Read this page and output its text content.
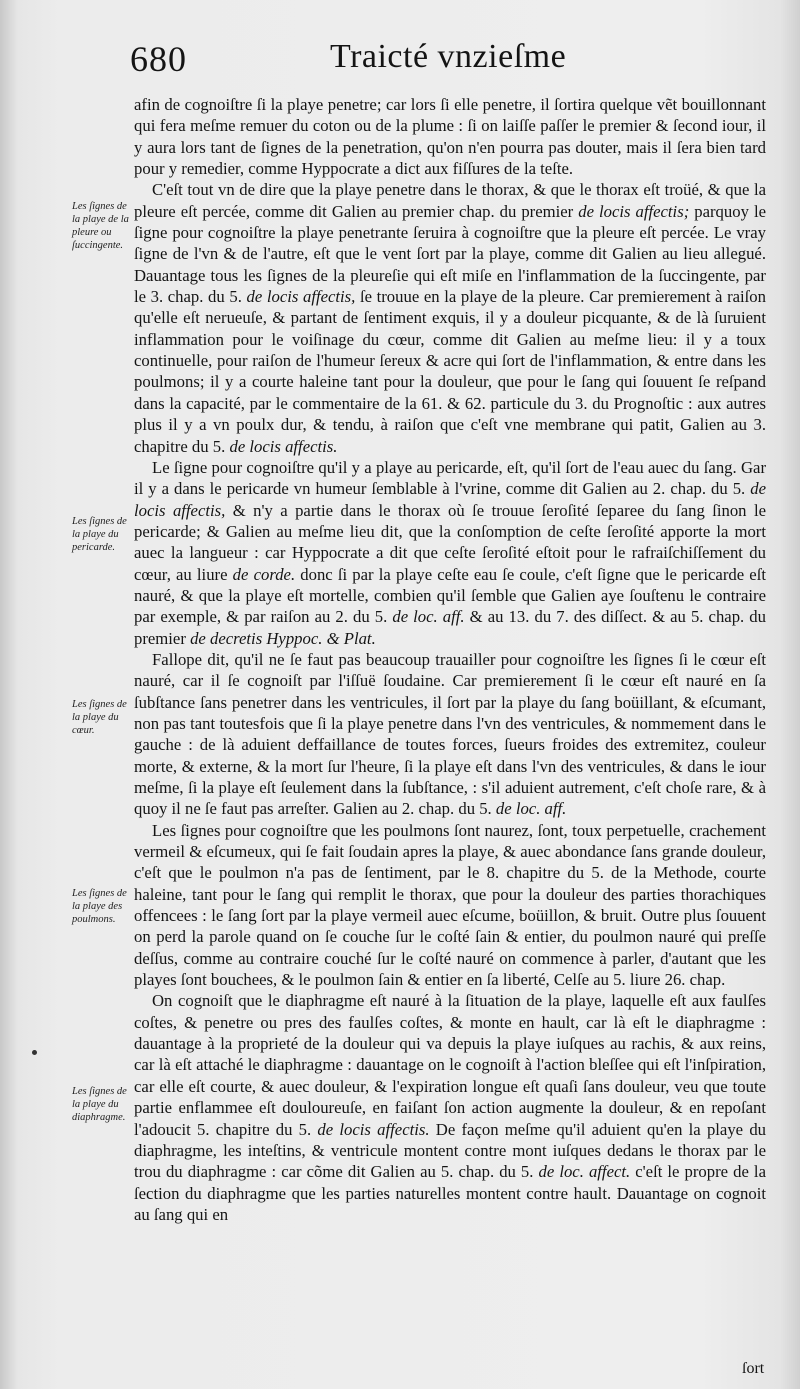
680	Traicté vnzieſme
Les ſignes de la playe de la pleure ou ſuccingente.
Les ſignes de la playe du pericarde.
Les ſignes de la playe du cœur.
Les ſignes de la playe des poulmons.
Les ſignes de la playe du diaphragme.

afin de cognoiſtre ſi la playe penetre; car lors ſi elle penetre, il ſortira quelque vẽt bouillonnant qui fera meſme remuer du coton ou de la plume : ſi on laiſſe paſſer le premier & ſecond iour, il y aura lors tant de ſignes de la penetration, qu'on n'en pourra pas douter, mais il ſera bien tard pour y remedier, comme Hyppocrate a dict aux fiſſures de la teſte.

C'eſt tout vn de dire que la playe penetre dans le thorax, & que le thorax eſt troüé, & que la pleure eſt percée, comme dit Galien au premier chap. du premier de locis affectis; parquoy le ſigne pour cognoiſtre la playe penetrante ſeruira à cognoiſtre que la pleure eſt percée. Le vray ſigne de l'vn & de l'autre, eſt que le vent ſort par la playe, comme dit Galien au lieu allegué. Dauantage tous les ſignes de la pleureſie qui eſt miſe en l'inflammation de la ſuccingente, par le 3. chap. du 5. de locis affectis, ſe trouue en la playe de la pleure. Car premierement à raiſon qu'elle eſt nerueuſe, & partant de ſentiment exquis, il y a douleur picquante, & de là ſuruient inflammation pour le voiſinage du cœur, comme dit Galien au meſme lieu: il y a toux continuelle, pour raiſon de l'humeur ſereux & acre qui ſort de l'inflammation, & entre dans les poulmons; il y a courte haleine tant pour la douleur, que pour le ſang qui ſouuent ſe reſpand dans la capacité, par le commentaire de la 61. & 62. particule du 3. du Prognoſtic : aux autres plus il y a vn poulx dur, & tendu, à raiſon que c'eſt vne membrane qui patit, Galien au 3. chapitre du 5. de locis affectis.

Le ſigne pour cognoiſtre qu'il y a playe au pericarde, eſt, qu'il ſort de l'eau auec du ſang. Gar il y a dans le pericarde vn humeur ſemblable à l'vrine, comme dit Galien au 2. chap. du 5. de locis affectis, & n'y a partie dans le thorax où ſe trouue ſeroſité ſeparee du ſang ſinon le pericarde; & Galien au meſme lieu dit, que la conſomption de ceſte ſeroſité apporte la mort auec la langueur : car Hyppocrate a dit que ceſte ſeroſité eſtoit pour le rafraiſchiſſement du cœur, au liure de corde. donc ſi par la playe ceſte eau ſe coule, c'eſt ſigne que le pericarde eſt nauré, & que la playe eſt mortelle, combien qu'il ſemble que Galien aye ſouſtenu le contraire par exemple, & par raiſon au 2. du 5. de loc. aff. & au 13. du 7. des diſſect. & au 5. chap. du premier de decretis Hyppoc. & Plat.

Fallope dit, qu'il ne ſe faut pas beaucoup trauailler pour cognoiſtre les ſignes ſi le cœur eſt nauré, car il ſe cognoiſt par l'iſſuë ſoudaine. Car premierement ſi le cœur eſt nauré en ſa ſubſtance ſans penetrer dans les ventricules, il ſort par la playe du ſang boüillant, & eſcumant, non pas tant toutesfois que ſi la playe penetre dans l'vn des ventricules, & nommement dans le gauche : de là aduient deffaillance de toutes forces, ſueurs froides des extremitez, couleur morte, & externe, & la mort ſur l'heure, ſi la playe eſt dans l'vn des ventricules, & dans le iour meſme, ſi la playe eſt ſeulement dans la ſubſtance, : s'il aduient autrement, c'eſt choſe rare, & à quoy il ne ſe faut pas arreſter. Galien au 2. chap. du 5. de loc. aff.

Les ſignes pour cognoiſtre que les poulmons ſont naurez, ſont, toux perpetuelle, crachement vermeil & eſcumeux, qui ſe fait ſoudain apres la playe, & auec abondance ſans grande douleur, c'eſt que le poulmon n'a pas de ſentiment, par le 8. chapitre du 5. de la Methode, courte haleine, tant pour le ſang qui remplit le thorax, que pour la douleur des parties thorachiques offencees : le ſang ſort par la playe vermeil auec eſcume, boüillon, & bruit. Outre plus ſouuent on perd la parole quand on ſe couche ſur le coſté ſain & entier, du poulmon nauré qui preſſe deſſus, comme au contraire couché ſur le coſté nauré on commence à parler, d'autant que les playes ſont bouchees, & le poulmon ſain & entier en ſa liberté, Celſe au 5. liure 26. chap.

On cognoiſt que le diaphragme eſt nauré à la ſituation de la playe, laquelle eſt aux faulſes coſtes, & penetre ou pres des faulſes coſtes, & monte en hault, car là eſt le diaphragme : dauantage à la proprieté de la douleur qui va depuis la playe iuſques au rachis, & aux reins, car là eſt attaché le diaphragme : dauantage on le cognoiſt à l'action bleſſee qui eſt l'inſpiration, car elle eſt courte, & auec douleur, & l'expiration longue eſt quaſi ſans douleur, veu que toute partie enflammee eſt douloureuſe, en faiſant ſon action augmente la douleur, & en repoſant l'adoucit 5. chapitre du 5. de locis affectis. De façon meſme qu'il aduient qu'en la playe du diaphragme, les inteſtins, & ventricule montent contre mont iuſques dedans le thorax par le trou du diaphragme : car cõme dit Galien au 5. chap. du 5. de loc. affect. c'eſt le propre de la ſection du diaphragme que les parties naturelles montent contre hault. Dauantage on cognoit au ſang qui en

ſort
